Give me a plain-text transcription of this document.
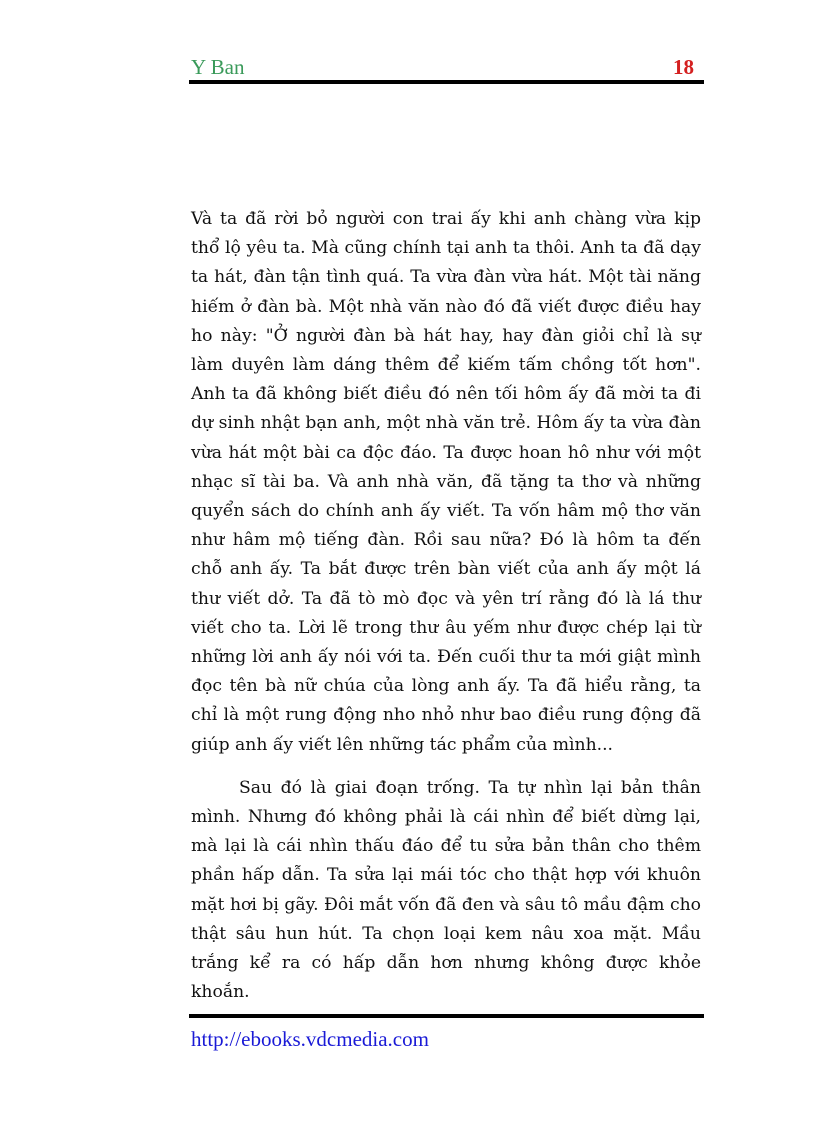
Y Ban	18

Và ta đã rời bỏ người con trai ấy khi anh chàng vừa kịp thổ lộ yêu ta. Mà cũng chính tại anh ta thôi. Anh ta đã dạy ta hát, đàn tận tình quá. Ta vừa đàn vừa hát. Một tài năng hiếm ở đàn bà. Một nhà văn nào đó đã viết được điều hay ho này: "Ở người đàn bà hát hay, hay đàn giỏi chỉ là sự làm duyên làm dáng thêm để kiếm tấm chồng tốt hơn". Anh ta đã không biết điều đó nên tối hôm ấy đã mời ta đi dự sinh nhật bạn anh, một nhà văn trẻ. Hôm ấy ta vừa đàn vừa hát một bài ca độc đáo. Ta được hoan hô như với một nhạc sĩ tài ba. Và anh nhà văn, đã tặng ta thơ và những quyển sách do chính anh ấy viết. Ta vốn hâm mộ thơ văn như hâm mộ tiếng đàn. Rồi sau nữa? Đó là hôm ta đến chỗ anh ấy. Ta bắt được trên bàn viết của anh ấy một lá thư viết dở. Ta đã tò mò đọc và yên trí rằng đó là lá thư viết cho ta. Lời lẽ trong thư âu yếm như được chép lại từ những lời anh ấy nói với ta. Đến cuối thư ta mới giật mình đọc tên bà nữ chúa của lòng anh ấy. Ta đã hiểu rằng, ta chỉ là một rung động nho nhỏ như bao điều rung động đã giúp anh ấy viết lên những tác phẩm của mình...

Sau đó là giai đoạn trống. Ta tự nhìn lại bản thân mình. Nhưng đó không phải là cái nhìn để biết dừng lại, mà lại là cái nhìn thấu đáo để tu sửa bản thân cho thêm phần hấp dẫn. Ta sửa lại mái tóc cho thật hợp với khuôn mặt hơi bị gãy. Đôi mắt vốn đã đen và sâu tô mầu đậm cho thật sâu hun hút. Ta chọn loại kem nâu xoa mặt. Mầu trắng kể ra có hấp dẫn hơn nhưng không được khỏe khoắn.

http://ebooks.vdcmedia.com
